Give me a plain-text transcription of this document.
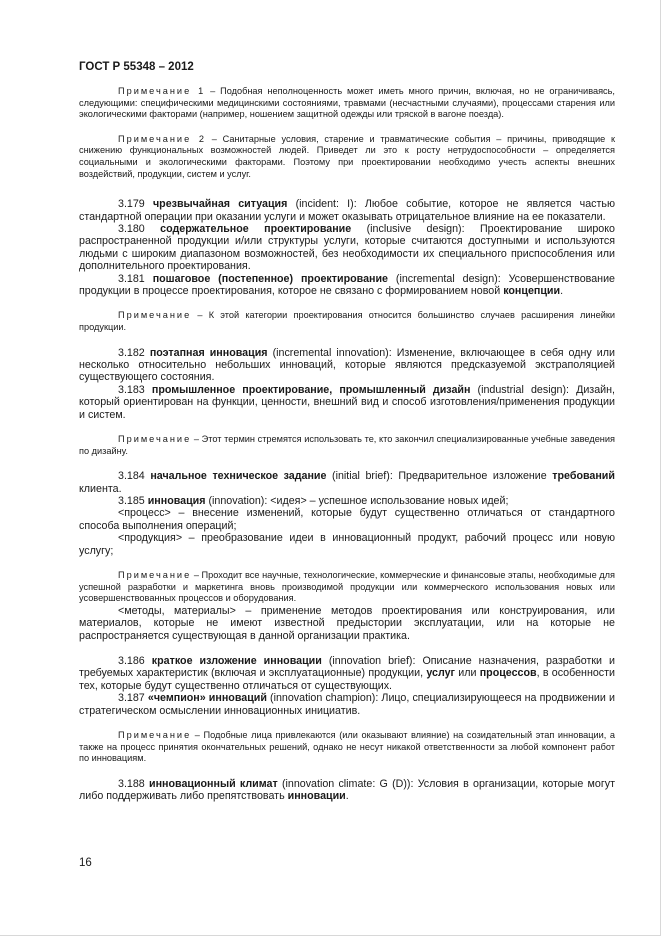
ГОСТ Р 55348 – 2012

Примечание 1 – Подобная неполноценность может иметь много причин, включая, но не ограничиваясь, следующими: специфическими медицинскими состояниями, травмами (несчастными случаями), процессами старения или экологическими факторами (например, ношением защитной одежды или тряской в вагоне поезда).

Примечание 2 – Санитарные условия, старение и травматические события – причины, приводящие к снижению функциональных возможностей людей. Приведет ли это к росту нетрудоспособности – определяется социальными и экологическими факторами. Поэтому при проектировании необходимо учесть аспекты внешних воздействий, продукции, систем и услуг.

3.179 чрезвычайная ситуация (incident: I): Любое событие, которое не является частью стандартной операции при оказании услуги и может оказывать отрицательное влияние на ее показатели.

3.180 содержательное проектирование (inclusive design): Проектирование широко распространенной продукции и/или структуры услуги, которые считаются доступными и используются людьми с широким диапазоном возможностей, без необходимости их специального приспособления или дополнительного проектирования.

3.181 пошаговое (постепенное) проектирование (incremental design): Усовершенствование продукции в процессе проектирования, которое не связано с формированием новой концепции.

Примечание – К этой категории проектирования относится большинство случаев расширения линейки продукции.

3.182 поэтапная инновация (incremental innovation): Изменение, включающее в себя одну или несколько относительно небольших инноваций, которые являются предсказуемой экстраполяцией существующего состояния.

3.183 промышленное проектирование, промышленный дизайн (industrial design): Дизайн, который ориентирован на функции, ценности, внешний вид и способ изготовления/применения продукции и систем.

Примечание – Этот термин стремятся использовать те, кто закончил специализированные учебные заведения по дизайну.

3.184 начальное техническое задание (initial brief): Предварительное изложение требований клиента.

3.185 инновация (innovation): <идея> – успешное использование новых идей;

<процесс> – внесение изменений, которые будут существенно отличаться от стандартного способа выполнения операций;

<продукция> – преобразование идеи в инновационный продукт, рабочий процесс или новую услугу;

Примечание – Проходит все научные, технологические, коммерческие и финансовые этапы, необходимые для успешной разработки и маркетинга вновь производимой продукции или коммерческого использования новых или усовершенствованных процессов и оборудования.

<методы, материалы> – применение методов проектирования или конструирования, или материалов, которые не имеют известной предыстории эксплуатации, или на которые не распространяется существующая в данной организации практика.

3.186 краткое изложение инновации (innovation brief): Описание назначения, разработки и требуемых характеристик (включая и эксплуатационные) продукции, услуг или процессов, в особенности тех, которые будут существенно отличаться от существующих.

3.187 «чемпион» инноваций (innovation champion): Лицо, специализирующееся на продвижении и стратегическом осмыслении инновационных инициатив.

Примечание – Подобные лица привлекаются (или оказывают влияние) на созидательный этап инновации, а также на процесс принятия окончательных решений, однако не несут никакой ответственности за любой компонент работ по инновациям.

3.188 инновационный климат (innovation climate: G (D)): Условия в организации, которые могут либо поддерживать либо препятствовать инновации.

16
